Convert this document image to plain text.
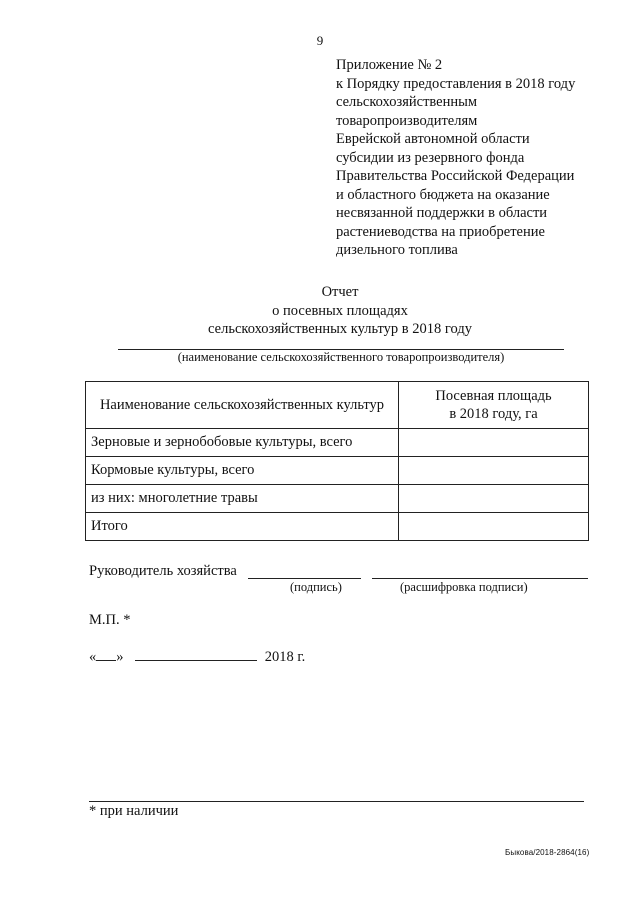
9
Приложение № 2
к Порядку предоставления в 2018 году
сельскохозяйственным
товаропроизводителям
Еврейской автономной области
субсидии из резервного фонда
Правительства Российской Федерации
и областного бюджета на оказание
несвязанной поддержки в области
растениеводства на приобретение
дизельного топлива
Отчет
о посевных площадях
сельскохозяйственных культур в 2018 году
(наименование сельскохозяйственного товаропроизводителя)
Наименование сельскохозяйственных культур	Посевная площадь
в 2018 году, га

Зерновые и зернобобовые культуры, всего	
Кормовые культуры, всего	
из них: многолетние травы	
Итого	
Руководитель хозяйства
(подпись)	(расшифровка подписи)
М.П. *
« »	2018 г.
* при наличии
Быкова/2018-2864(16)
